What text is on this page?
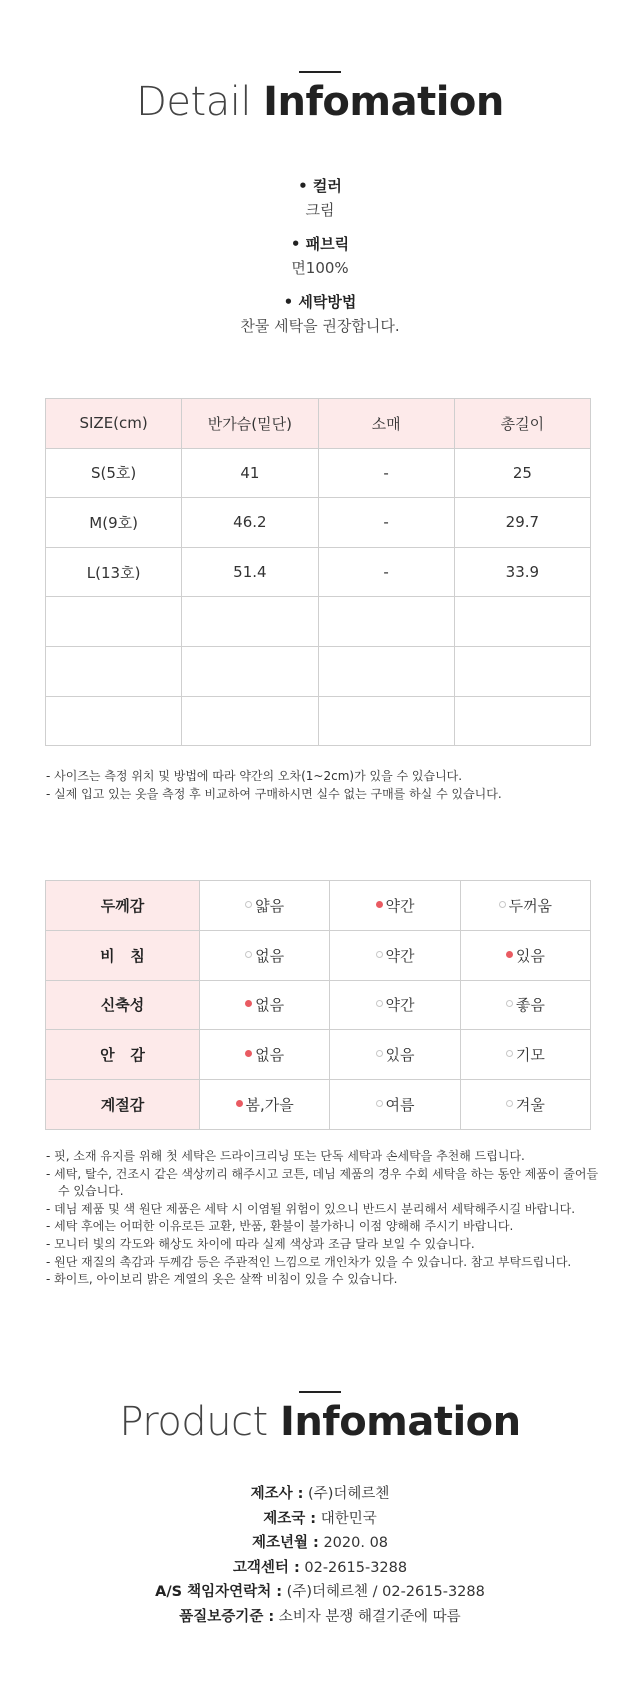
Detail Infomation
• 컬러
크림
• 패브릭
면100%
• 세탁방법
찬물 세탁을 권장합니다.
SIZE(cm)	반가슴(밑단)	소매	총길이
S(5호)	41	-	25
M(9호)	46.2	-	29.7
L(13호)	51.4	-	33.9

- 사이즈는 측정 위치 및 방법에 따라 약간의 오차(1~2cm)가 있을 수 있습니다.
- 실제 입고 있는 옷을 측정 후 비교하여 구매하시면 실수 없는 구매를 하실 수 있습니다.
두께감	얇음	약간	두꺼움
비   침	없음	약간	있음
신축성	없음	약간	좋음
안   감	없음	있음	기모
계절감	봄,가을	여름	겨울
- 핏, 소재 유지를 위해 첫 세탁은 드라이크리닝 또는 단독 세탁과 손세탁을 추천해 드립니다.
- 세탁, 탈수, 건조시 같은 색상끼리 해주시고 코튼, 데님 제품의 경우 수회 세탁을 하는 동안 제품이 줄어들 수 있습니다.
- 데님 제품 및 색 원단 제품은 세탁 시 이염될 위험이 있으니 반드시 분리해서 세탁해주시길 바랍니다.
- 세탁 후에는 어떠한 이유로든 교환, 반품, 환불이 불가하니 이점 양해해 주시기 바랍니다.
- 모니터 빛의 각도와 해상도 차이에 따라 실제 색상과 조금 달라 보일 수 있습니다.
- 원단 재질의 촉감과 두께감 등은 주관적인 느낌으로 개인차가 있을 수 있습니다. 참고 부탁드립니다.
- 화이트, 아이보리 밝은 계열의 옷은 살짝 비침이 있을 수 있습니다.
Product Infomation
제조사 : (주)더헤르첸
제조국 : 대한민국
제조년월 : 2020. 08
고객센터 : 02-2615-3288
A/S 책임자연락처 : (주)더헤르첸 / 02-2615-3288
품질보증기준 : 소비자 분쟁 해결기준에 따름
